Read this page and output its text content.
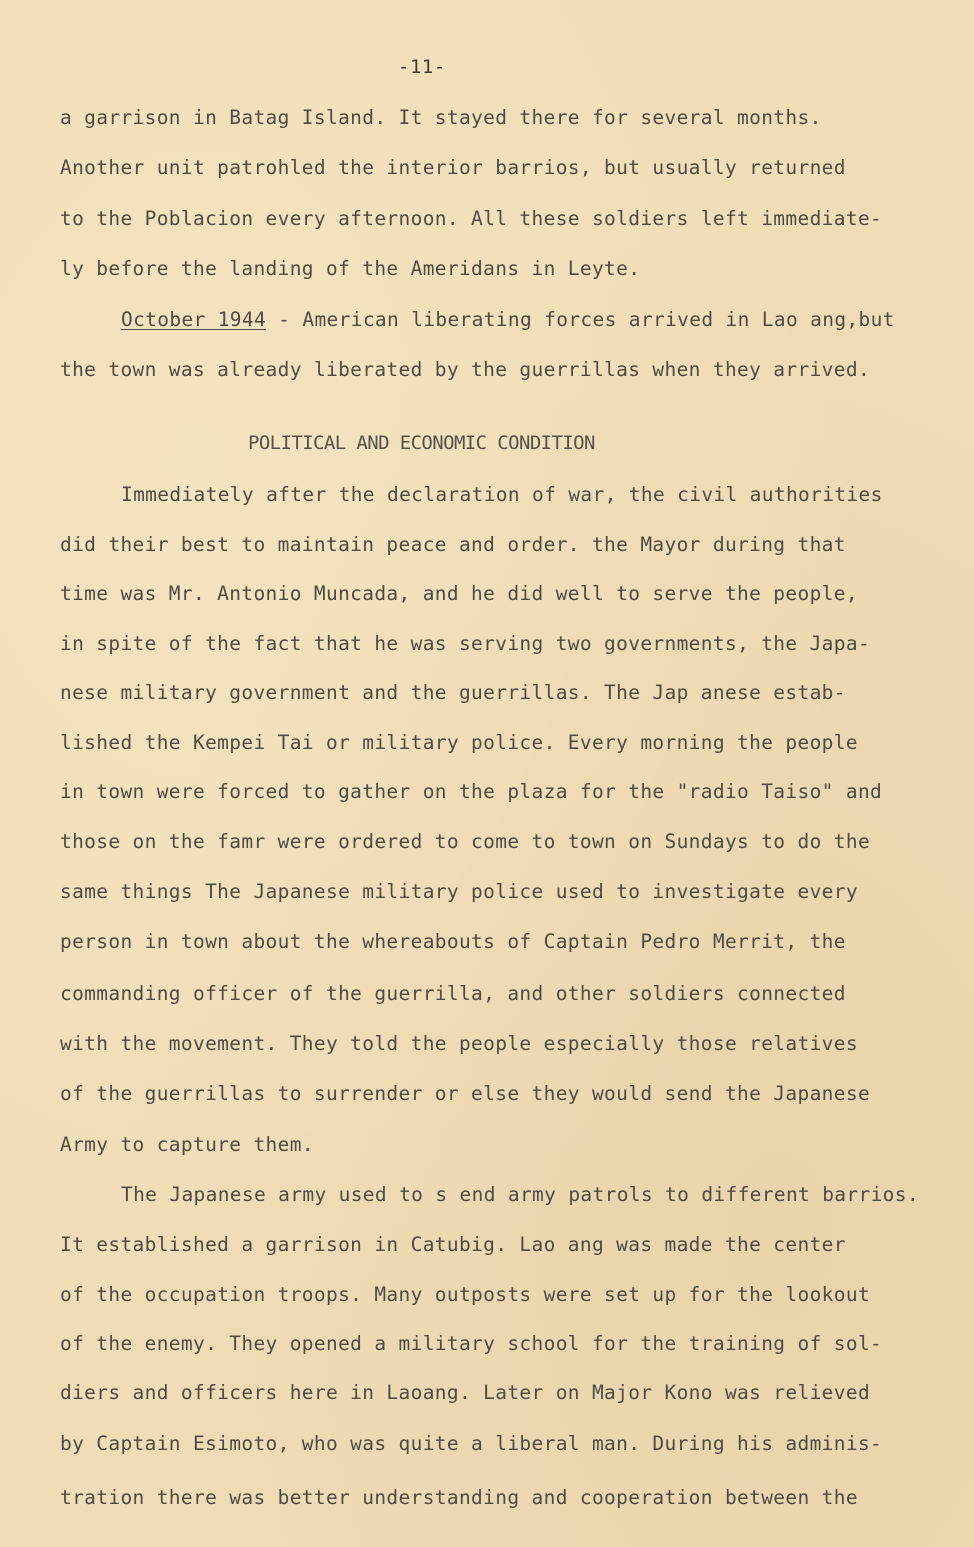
-11-
a garrison in Batag Island. It stayed there for several months.
Another unit patrohled the interior barrios, but usually returned
to the Poblacion every afternoon. All these soldiers left immediate-
ly before the landing of the Ameridans in Leyte.
October 1944 - American liberating forces arrived in Lao ang,but
the town was already liberated by the guerrillas when they arrived.
POLITICAL AND ECONOMIC CONDITION
Immediately after the declaration of war, the civil authorities
did their best to maintain peace and order. the Mayor during that
time was Mr. Antonio Muncada, and he did well to serve the people,
in spite of the fact that he was serving two governments, the Japa-
nese military government and the guerrillas. The Jap anese estab-
lished the Kempei Tai or military police. Every morning the people
in town were forced to gather on the plaza for the "radio Taiso" and
those on the famr were ordered to come to town on Sundays to do the
same things The Japanese military police used to investigate every
person in town about the whereabouts of Captain Pedro Merrit, the
commanding officer of the guerrilla, and other soldiers connected
with the movement. They told the people especially those relatives
of the guerrillas to surrender or else they would send the Japanese
Army to capture them.
The Japanese army used to s end army patrols to different barrios.
It established a garrison in Catubig. Lao ang was made the center
of the occupation troops. Many outposts were set up for the lookout
of the enemy. They opened a military school for the training of sol-
diers and officers here in Laoang. Later on Major Kono was relieved
by Captain Esimoto, who was quite a liberal man. During his adminis-
tration there was better understanding and cooperation between the
